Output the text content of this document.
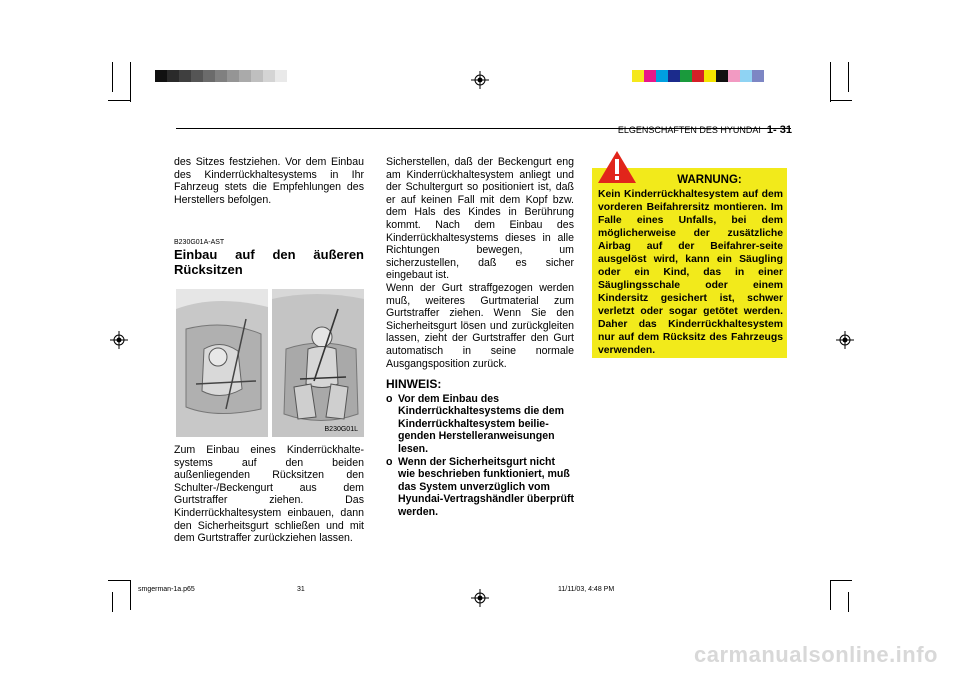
ELGENSCHAFTEN DES HYUNDAI 1- 31
des Sitzes festziehen. Vor dem Einbau des Kinderrückhaltesystems in Ihr Fahrzeug stets die Empfehlungen des Herstellers befolgen.
B230G01A-AST
Einbau auf den äußeren Rücksitzen
B230G01L
Zum Einbau eines Kinderrückhalte-systems auf den beiden außenliegenden Rücksitzen den Schulter-/Beckengurt aus dem Gurtstraffer ziehen. Das Kinderrückhaltesystem einbauen, dann den Sicherheitsgurt schließen und mit dem Gurtstraffer zurückziehen lassen.
Sicherstellen, daß der Beckengurt eng am Kinderrückhaltesystem anliegt und der Schultergurt so positioniert ist, daß er auf keinen Fall mit dem Kopf bzw. dem Hals des Kindes in Berührung kommt. Nach dem Einbau des Kinderrückhaltesystems dieses in alle Richtungen bewegen, um sicherzustellen, daß es sicher eingebaut ist.
Wenn der Gurt straffgezogen werden muß, weiteres Gurtmaterial zum Gurtstraffer ziehen. Wenn Sie den Sicherheitsgurt lösen und zurückgleiten lassen, zieht der Gurtstraffer den Gurt automatisch in seine normale Ausgangsposition zurück.
HINWEIS:
o Vor dem Einbau des Kinderrückhaltesystems die dem Kinderrückhaltesystem beilie-genden Herstelleranweisungen lesen.
o Wenn der Sicherheitsgurt nicht wie beschrieben funktioniert, muß das System unverzüglich vom Hyundai-Vertragshändler überprüft werden.
WARNUNG:
Kein Kinderrückhaltesystem auf dem vorderen Beifahrersitz montieren. Im Falle eines Unfalls, bei dem möglicherweise der zusätzliche Airbag auf der Beifahrer-seite ausgelöst wird, kann ein Säugling oder ein Kind, das in einer Säuglingsschale oder einem Kindersitz gesichert ist, schwer verletzt oder sogar getötet werden. Daher das Kinderrückhaltesystem nur auf dem Rücksitz des Fahrzeugs verwenden.
smgerman-1a.p65	31	11/11/03, 4:48 PM
carmanualsonline.info
